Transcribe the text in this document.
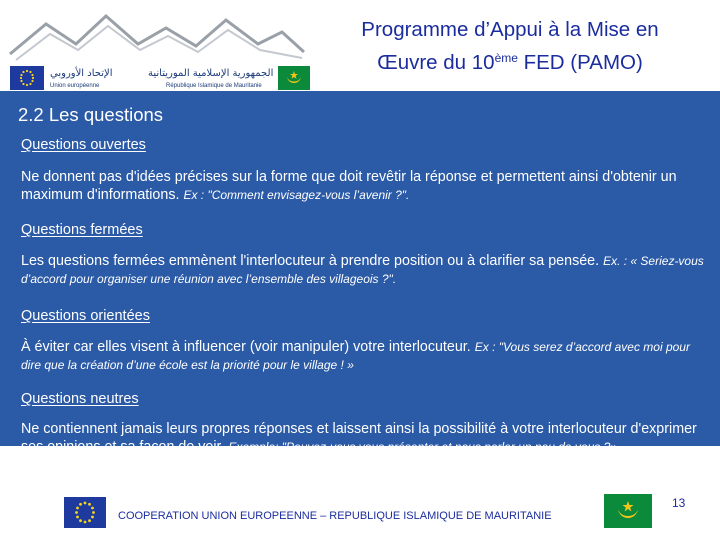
الإتحاد الأوروبي
Union européenne
الجمهورية الإسلامية الموريتانية
République Islamique de Mauritanie
Programme d’Appui à la Mise en
Œuvre du 10ème FED (PAMO)
2.2 Les questions
Questions ouvertes
Ne donnent pas d'idées précises sur la forme que doit revêtir la réponse et permettent ainsi d'obtenir un maximum d'informations. Ex : "Comment envisagez-vous l’avenir ?".
Questions fermées
Les questions fermées emmènent l'interlocuteur à prendre position ou à clarifier sa pensée. Ex. : « Seriez-vous d’accord pour organiser une réunion avec l’ensemble des villageois ?".
Questions orientées
À éviter car elles visent à influencer (voir manipuler) votre interlocuteur. Ex : "Vous serez d’accord avec moi pour dire que la création d’une école est la priorité pour le village ! »
Questions neutres
Ne contiennent jamais leurs propres réponses et laissent ainsi la possibilité à votre interlocuteur d'exprimer ses opinions et sa façon de voir. Exemple: "Pouvez-vous vous présenter et nous parler un peu de vous ?».
COOPERATION UNION EUROPEENNE – REPUBLIQUE ISLAMIQUE DE MAURITANIE
13
